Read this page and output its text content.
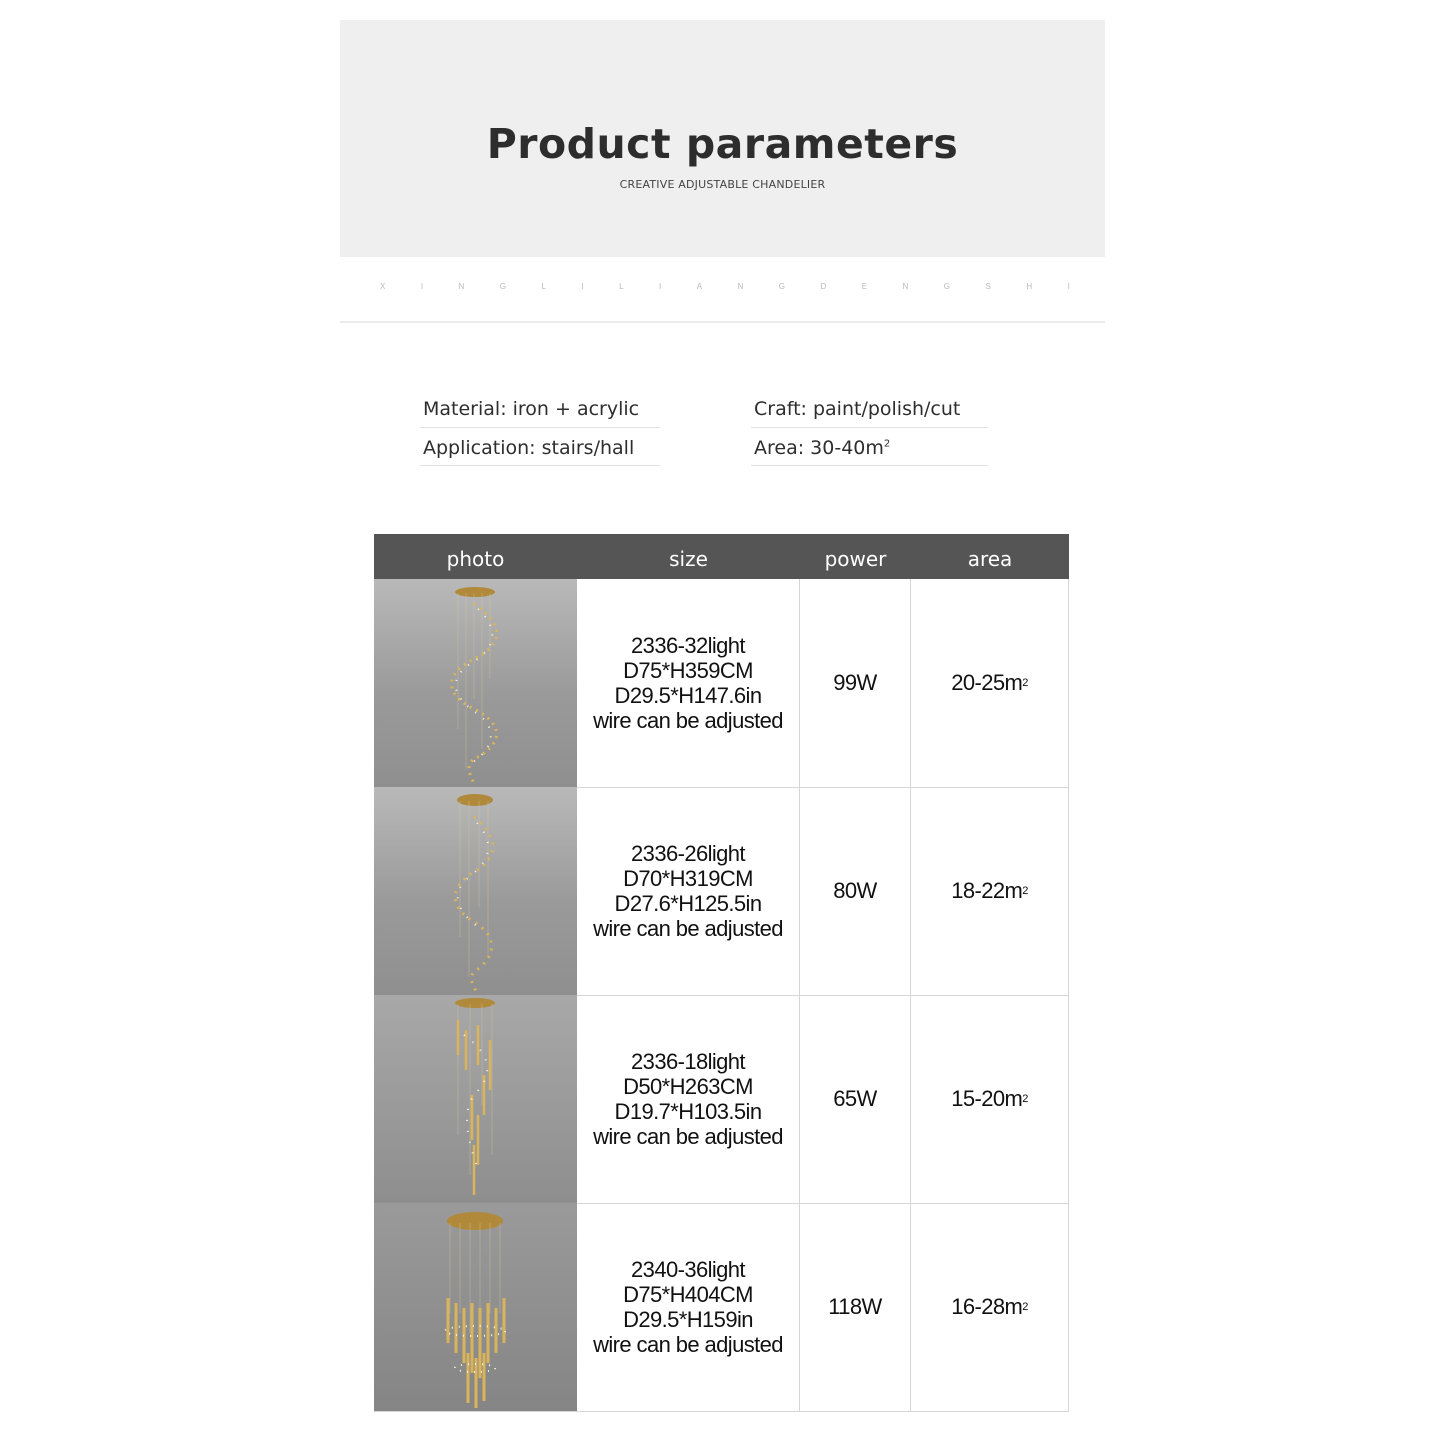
Product parameters
CREATIVE ADJUSTABLE CHANDELIER
X	I	N	G	L	I	L	I	A	N	G	D	E	N	G	S	H	I
Material: iron + acrylic	Craft: paint/polish/cut
Application: stairs/hall	Area: $30-40m^2$
photo	size	power	area
2336-32light
D75*H359CM
D29.5*H147.6in
wire can be adjusted
99W	20-25m 2
2336-26light
D70*H319CM
D27.6*H125.5in
wire can be adjusted
80W	18-22m 2
2336-18light
D50*H263CM
D19.7*H103.5in
wire can be adjusted
65W	15-20m 2
2340-36light
D75*H404CM
D29.5*H159in
wire can be adjusted
118W	16-28m 2
